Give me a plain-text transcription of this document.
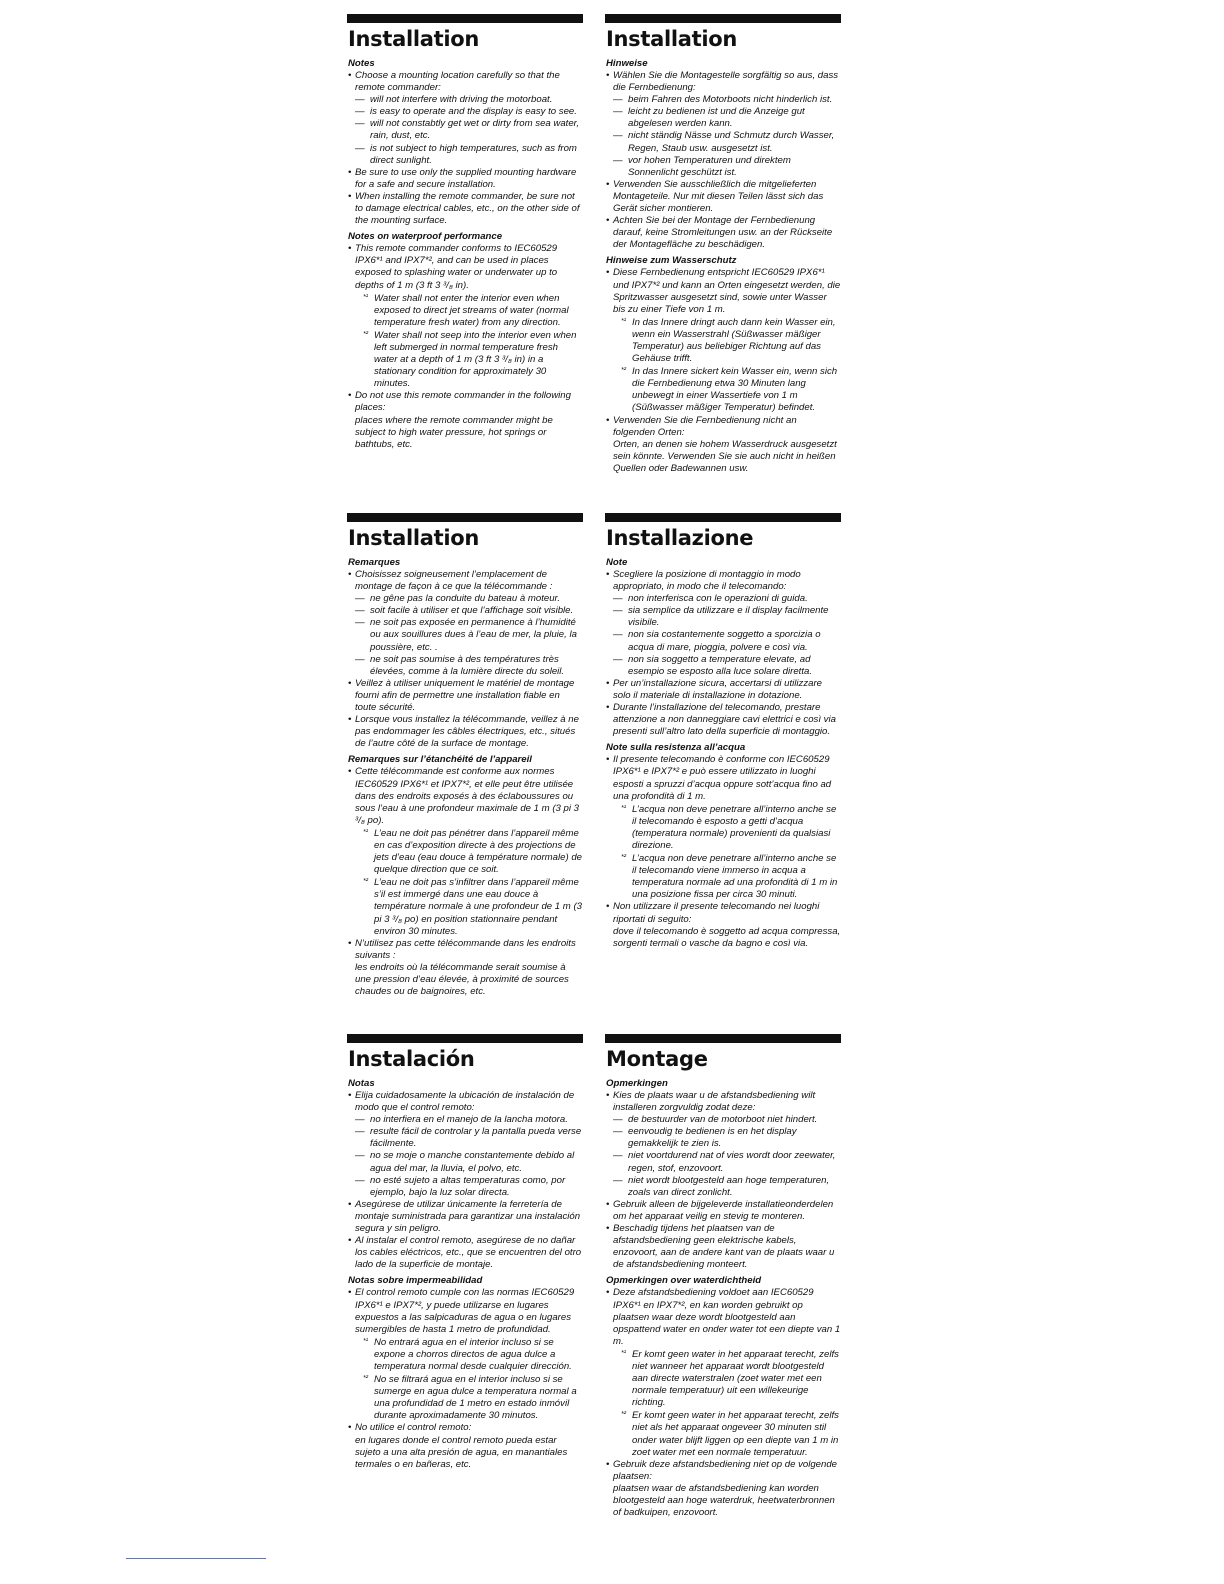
Installation
Notes
• Choose a mounting location carefully so that the remote commander:
— will not interfere with driving the motorboat.
— is easy to operate and the display is easy to see.
— will not constabtly get wet or dirty from sea water, rain, dust, etc.
— is not subject to high temperatures, such as from direct sunlight.
• Be sure to use only the supplied mounting hardware for a safe and secure installation.
• When installing the remote commander, be sure not to damage electrical cables, etc., on the other side of the mounting surface.
Notes on waterproof performance
• This remote commander conforms to IEC60529 IPX6*¹ and IPX7*², and can be used in places exposed to splashing water or underwater up to depths of 1 m (3 ft 3 ³/₈ in).
*¹ Water shall not enter the interior even when exposed to direct jet streams of water (normal temperature fresh water) from any direction.
*² Water shall not seep into the interior even when left submerged in normal temperature fresh water at a depth of 1 m (3 ft 3 ³/₈ in) in a stationary condition for approximately 30 minutes.
• Do not use this remote commander in the following places:
places where the remote commander might be subject to high water pressure, hot springs or bathtubs, etc.
Installation
Hinweise
• Wählen Sie die Montagestelle sorgfältig so aus, dass die Fernbedienung:
— beim Fahren des Motorboots nicht hinderlich ist.
— leicht zu bedienen ist und die Anzeige gut abgelesen werden kann.
— nicht ständig Nässe und Schmutz durch Wasser, Regen, Staub usw. ausgesetzt ist.
— vor hohen Temperaturen und direktem Sonnenlicht geschützt ist.
• Verwenden Sie ausschließlich die mitgelieferten Montageteile. Nur mit diesen Teilen lässt sich das Gerät sicher montieren.
• Achten Sie bei der Montage der Fernbedienung darauf, keine Stromleitungen usw. an der Rückseite der Montagefläche zu beschädigen.
Hinweise zum Wasserschutz
• Diese Fernbedienung entspricht IEC60529 IPX6*¹ und IPX7*² und kann an Orten eingesetzt werden, die Spritzwasser ausgesetzt sind, sowie unter Wasser bis zu einer Tiefe von 1 m.
*¹ In das Innere dringt auch dann kein Wasser ein, wenn ein Wasserstrahl (Süßwasser mäßiger Temperatur) aus beliebiger Richtung auf das Gehäuse trifft.
*² In das Innere sickert kein Wasser ein, wenn sich die Fernbedienung etwa 30 Minuten lang unbewegt in einer Wassertiefe von 1 m (Süßwasser mäßiger Temperatur) befindet.
• Verwenden Sie die Fernbedienung nicht an folgenden Orten:
Orten, an denen sie hohem Wasserdruck ausgesetzt sein könnte. Verwenden Sie sie auch nicht in heißen Quellen oder Badewannen usw.
Installation
Remarques
• Choisissez soigneusement l’emplacement de montage de façon à ce que la télécommande :
— ne gêne pas la conduite du bateau à moteur.
— soit facile à utiliser et que l’affichage soit visible.
— ne soit pas exposée en permanence à l’humidité ou aux souillures dues à l’eau de mer, la pluie, la poussière, etc. .
— ne soit pas soumise à des températures très élevées, comme à la lumière directe du soleil.
• Veillez à utiliser uniquement le matériel de montage fourni afin de permettre une installation fiable en toute sécurité.
• Lorsque vous installez la télécommande, veillez à ne pas endommager les câbles électriques, etc., situés de l’autre côté de la surface de montage.
Remarques sur l’étanchéité de l’appareil
• Cette télécommande est conforme aux normes IEC60529 IPX6*¹ et IPX7*², et elle peut être utilisée dans des endroits exposés à des éclaboussures ou sous l’eau à une profondeur maximale de 1 m (3 pi 3 ³/₈ po).
*¹ L’eau ne doit pas pénétrer dans l’appareil même en cas d’exposition directe à des projections de jets d’eau (eau douce à température normale) de quelque direction que ce soit.
*² L’eau ne doit pas s’infiltrer dans l’appareil même s’il est immergé dans une eau douce à température normale à une profondeur de 1 m (3 pi 3 ³/₈ po) en position stationnaire pendant environ 30 minutes.
• N’utilisez pas cette télécommande dans les endroits suivants :
les endroits où la télécommande serait soumise à une pression d’eau élevée, à proximité de sources chaudes ou de baignoires, etc.
Installazione
Note
• Scegliere la posizione di montaggio in modo appropriato, in modo che il telecomando:
— non interferisca con le operazioni di guida.
— sia semplice da utilizzare e il display facilmente visibile.
— non sia costantemente soggetto a sporcizia o acqua di mare, pioggia, polvere e così via.
— non sia soggetto a temperature elevate, ad esempio se esposto alla luce solare diretta.
• Per un’installazione sicura, accertarsi di utilizzare solo il materiale di installazione in dotazione.
• Durante l’installazione del telecomando, prestare attenzione a non danneggiare cavi elettrici e così via presenti sull’altro lato della superficie di montaggio.
Note sulla resistenza all’acqua
• Il presente telecomando è conforme con IEC60529 IPX6*¹ e IPX7*² e può essere utilizzato in luoghi esposti a spruzzi d’acqua oppure sott’acqua fino ad una profondità di 1 m.
*¹ L’acqua non deve penetrare all’interno anche se il telecomando è esposto a getti d’acqua (temperatura normale) provenienti da qualsiasi direzione.
*² L’acqua non deve penetrare all’interno anche se il telecomando viene immerso in acqua a temperatura normale ad una profondità di 1 m in una posizione fissa per circa 30 minuti.
• Non utilizzare il presente telecomando nei luoghi riportati di seguito:
dove il telecomando è soggetto ad acqua compressa, sorgenti termali o vasche da bagno e così via.
Instalación
Notas
• Elija cuidadosamente la ubicación de instalación de modo que el control remoto:
— no interfiera en el manejo de la lancha motora.
— resulte fácil de controlar y la pantalla pueda verse fácilmente.
— no se moje o manche constantemente debido al agua del mar, la lluvia, el polvo, etc.
— no esté sujeto a altas temperaturas como, por ejemplo, bajo la luz solar directa.
• Asegúrese de utilizar únicamente la ferretería de montaje suministrada para garantizar una instalación segura y sin peligro.
• Al instalar el control remoto, asegúrese de no dañar los cables eléctricos, etc., que se encuentren del otro lado de la superficie de montaje.
Notas sobre impermeabilidad
• El control remoto cumple con las normas IEC60529 IPX6*¹ e IPX7*², y puede utilizarse en lugares expuestos a las salpicaduras de agua o en lugares sumergibles de hasta 1 metro de profundidad.
*¹ No entrará agua en el interior incluso si se expone a chorros directos de agua dulce a temperatura normal desde cualquier dirección.
*² No se filtrará agua en el interior incluso si se sumerge en agua dulce a temperatura normal a una profundidad de 1 metro en estado inmóvil durante aproximadamente 30 minutos.
• No utilice el control remoto:
en lugares donde el control remoto pueda estar sujeto a una alta presión de agua, en manantiales termales o en bañeras, etc.
Montage
Opmerkingen
• Kies de plaats waar u de afstandsbediening wilt installeren zorgvuldig zodat deze:
— de bestuurder van de motorboot niet hindert.
— eenvoudig te bedienen is en het display gemakkelijk te zien is.
— niet voortdurend nat of vies wordt door zeewater, regen, stof, enzovoort.
— niet wordt blootgesteld aan hoge temperaturen, zoals van direct zonlicht.
• Gebruik alleen de bijgeleverde installatieonderdelen om het apparaat veilig en stevig te monteren.
• Beschadig tijdens het plaatsen van de afstandsbediening geen elektrische kabels, enzovoort, aan de andere kant van de plaats waar u de afstandsbediening monteert.
Opmerkingen over waterdichtheid
• Deze afstandsbediening voldoet aan IEC60529 IPX6*¹ en IPX7*², en kan worden gebruikt op plaatsen waar deze wordt blootgesteld aan opspattend water en onder water tot een diepte van 1 m.
*¹ Er komt geen water in het apparaat terecht, zelfs niet wanneer het apparaat wordt blootgesteld aan directe waterstralen (zoet water met een normale temperatuur) uit een willekeurige richting.
*² Er komt geen water in het apparaat terecht, zelfs niet als het apparaat ongeveer 30 minuten stil onder water blijft liggen op een diepte van 1 m in zoet water met een normale temperatuur.
• Gebruik deze afstandsbediening niet op de volgende plaatsen:
plaatsen waar de afstandsbediening kan worden blootgesteld aan hoge waterdruk, heetwaterbronnen of badkuipen, enzovoort.
